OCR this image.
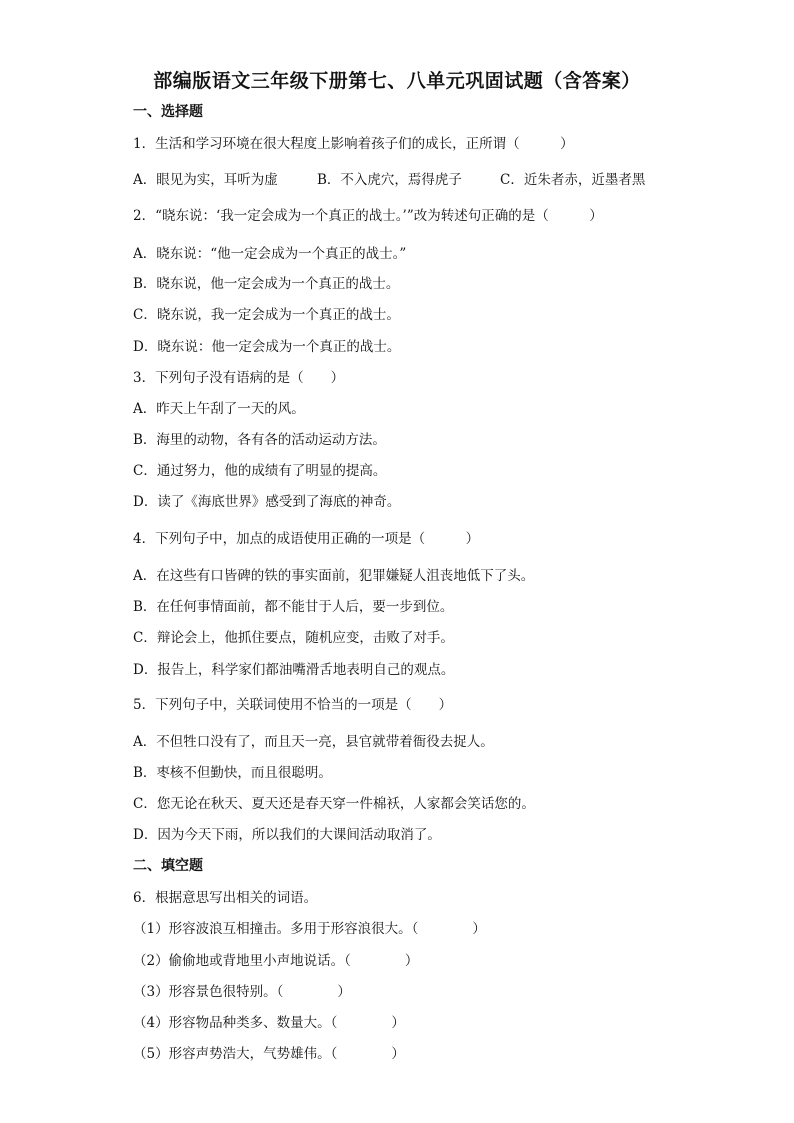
部编版语文三年级下册第七、八单元巩固试题（含答案）
一、选择题
1．生活和学习环境在很大程度上影响着孩子们的成长，正所谓（　　　）
A．眼见为实，耳听为虚	B．不入虎穴，焉得虎子	C．近朱者赤，近墨者黑
2．“晓东说：‘我一定会成为一个真正的战士。’”改为转述句正确的是（　　　）
A．晓东说：“他一定会成为一个真正的战士。”
B．晓东说，他一定会成为一个真正的战士。
C．晓东说，我一定会成为一个真正的战士。
D．晓东说：他一定会成为一个真正的战士。
3．下列句子没有语病的是（　　）
A．昨天上午刮了一天的风。
B．海里的动物，各有各的活动运动方法。
C．通过努力，他的成绩有了明显的提高。
D．读了《海底世界》感受到了海底的神奇。
4．下列句子中，加点的成语使用正确的一项是（　　　）
A．在这些有口皆碑的铁的事实面前，犯罪嫌疑人沮丧地低下了头。
B．在任何事情面前，都不能甘于人后，要一步到位。
C．辩论会上，他抓住要点，随机应变，击败了对手。
D．报告上，科学家们都油嘴滑舌地表明自己的观点。
5．下列句子中，关联词使用不恰当的一项是（　　）
A．不但牲口没有了，而且天一亮，县官就带着衙役去捉人。
B．枣核不但勤快，而且很聪明。
C．您无论在秋天、夏天还是春天穿一件棉袄，人家都会笑话您的。
D．因为今天下雨，所以我们的大课间活动取消了。
二、填空题
6．根据意思写出相关的词语。
（1）形容波浪互相撞击。多用于形容浪很大。（　　　　）
（2）偷偷地或背地里小声地说话。（　　　　）
（3）形容景色很特别。（　　　　）
（4）形容物品种类多、数量大。（　　　　）
（5）形容声势浩大，气势雄伟。（　　　　）
